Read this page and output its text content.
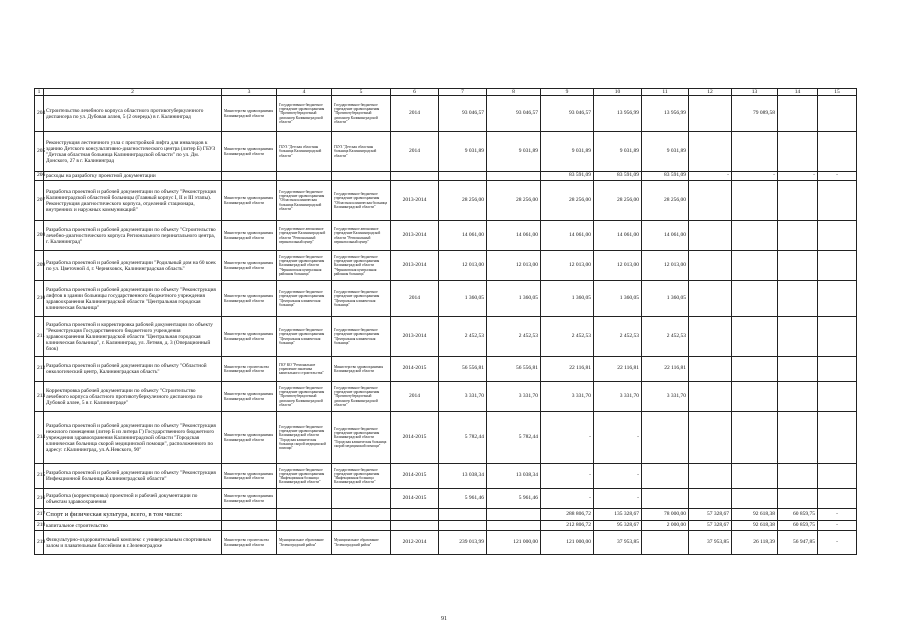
1	2	3	4	5	6	7	8	9	10	11	12	13	14	15
204	Строительство лечебного корпуса областного противотуберкулезного диспансера по ул. Дубовая аллея, 5 (2 очередь) в г. Калининград	Министерство здравоохранения Калининградской области	Государственное бюджетное учреждение здравоохранения "Противотуберкулезный диспансер Калининградской области"	Государственное бюджетное учреждение здравоохранения "Противотуберкулезный диспансер Калининградской области"	2014	93 046,57	93 046,57	93 046,57	13 956,99	13 956,99		79 089,58		
205	Реконструкция лестничного узла с пристройкой лифта для инвалидов к зданию Детского консультативно-диагностического центра (литер Б) ГБУЗ "Детская областная больница Калининградской области" по ул. Дм. Донского, 27 в г. Калининград	Министерство здравоохранения Калининградской области	ГБУЗ "Детская областная больница Калининградской области"	ГБУЗ "Детская областная больница Калининградской области"	2014	9 031,89	9 031,89	9 031,89	9 031,89	9 031,89				
206	расходы на разработку проектной документации							83 591,09	83 591,09	83 591,09	-	-	-	-
207	Разработка проектной и рабочей документации по объекту "Реконструкция Калининградской областной больницы (Главный корпус I, II и III этапы). Реконструкция диагностического корпуса, отделений стационара, внутренних и наружных коммуникаций"	Министерство здравоохранения Калининградской области	Государственное бюджетное учреждение здравоохранения "Областная клиническая больница Калининградской области"	Государственное бюджетное учреждение здравоохранения "Областная клиническая больница Калининградской области"	2013-2014	28 256,00	28 256,00	28 256,00	28 256,00	28 256,00				
208	Разработка проектной и рабочей документации по объекту "Строительство лечебно-диагностического корпуса Регионального перинатального центра, г. Калининград"	Министерство здравоохранения Калининградской области	Государственное автономное учреждение Калининградской области "Региональный перинатальный центр"	Государственное автономное учреждение Калининградской области "Региональный перинатальный центр"	2013-2014	14 061,00	14 061,00	14 061,00	14 061,00	14 061,00				
209	Разработка проектной и рабочей документации "Родильный дом на 60 коек по ул. Цветочной 4, г. Черняховск, Калининградская область"	Министерство здравоохранения Калининградской области	Государственное бюджетное учреждение здравоохранения Калининградской области "Черняховская центральная районная больница"	Государственное бюджетное учреждение здравоохранения Калининградской области "Черняховская центральная районная больница"	2013-2014	12 013,00	12 013,00	12 013,00	12 013,00	12 013,00				
210	Разработка проектной и рабочей документации по объекту "Реконструкция лифтов в здании больницы государственного бюджетного учреждения здравоохранения Калининградской области "Центральная городская клиническая больница"	Министерство здравоохранения Калининградской области	Государственное бюджетное учреждение здравоохранения "Центральная клиническая больница"	Государственное бюджетное учреждение здравоохранения "Центральная клиническая больница"	2014	1 360,05	1 360,05	1 360,05	1 360,05	1 360,05				
211	Разработка проектной и корректировка рабочей документации по объекту "Реконструкция Государственного бюджетного учреждения здравоохранения Калининградской области "Центральная городская клиническая больница", г. Калининград, ул. Летняя, д. 3 (Операционный блок)	Министерство здравоохранения Калининградской области	Государственное бюджетное учреждение здравоохранения "Центральная клиническая больница"	Государственное бюджетное учреждение здравоохранения "Центральная клиническая больница"	2013-2014	2 452,53	2 452,53	2 452,53	2 452,53	2 452,53				
212	Разработка проектной и рабочей документации по объекту "Областной онкологический центр, Калининградская область"	Министерство строительства Калининградской области	ГКУ КО "Региональное управление заказчика капитального строительства"	Министерство здравоохранения Калининградской области	2014-2015	56 556,81	56 556,81	22 116,81	22 116,81	22 116,81				
213	Корректировка рабочей документации по объекту "Строительство лечебного корпуса областного противотуберкулезного диспансера по Дубовой аллее, 5 в г. Калининграде"	Министерство здравоохранения Калининградской области	Государственное бюджетное учреждение здравоохранения "Противотуберкулезный диспансер Калининградской области"	Государственное бюджетное учреждение здравоохранения "Противотуберкулезный диспансер Калининградской области"	2014	3 331,70	3 331,70	3 331,70	3 331,70	3 331,70				
214	Разработка проектной и рабочей документации по объекту "Реконструкция нежилого помещения (литер Б из литера Г) Государственного бюджетного учреждения здравоохранения Калининградской области "Городская клиническая больница скорой медицинской помощи", расположенного по адресу: г.Калининград, ул.А.Невского, 90"	Министерство здравоохранения Калининградской области	Государственное бюджетное учреждение здравоохранения Калининградской области "Городская клиническая больница скорой медицинской помощи"	Государственное бюджетное учреждение здравоохранения Калининградской области "Городская клиническая больница скорой медицинской помощи"	2014-2015	5 782,44	5 782,44	-	-					
215	Разработка проектной и рабочей документации по объекту "Реконструкция Инфекционной больницы Калининградской области"	Министерство здравоохранения Калининградской области	Государственное бюджетное учреждение здравоохранения "Инфекционная больница Калининградской области"	Государственное бюджетное учреждение здравоохранения "Инфекционная больница Калининградской области"	2014-2015	13 038,34	13 038,34	-	-					
216	Разработка (корректировка) проектной и рабочей документации по объектам здравоохранения	Министерство здравоохранения Калининградской области			2014-2015	5 961,46	5 961,46	-	-					
217	Спорт и физическая культура, всего, в том числе:							288 806,72	135 328,67	78 000,00	57 328,67	92 618,38	60 859,75	-
218	капитальное строительство							212 806,72	95 328,67	2 000,00	57 328,67	92 618,38	60 859,75	-
219	Физкультурно-оздоровительный комплекс с универсальным спортивным залом и плавательным бассейном в г.Зеленоградске	Министерство строительства Калининградской области	Муниципальное образование "Зеленоградский район"	Муниципальное образование "Зеленоградский район"	2012-2014	239 013,99	121 000,00	121 000,00	37 953,85		37 953,85	26 118,39	56 947,85	-
91
